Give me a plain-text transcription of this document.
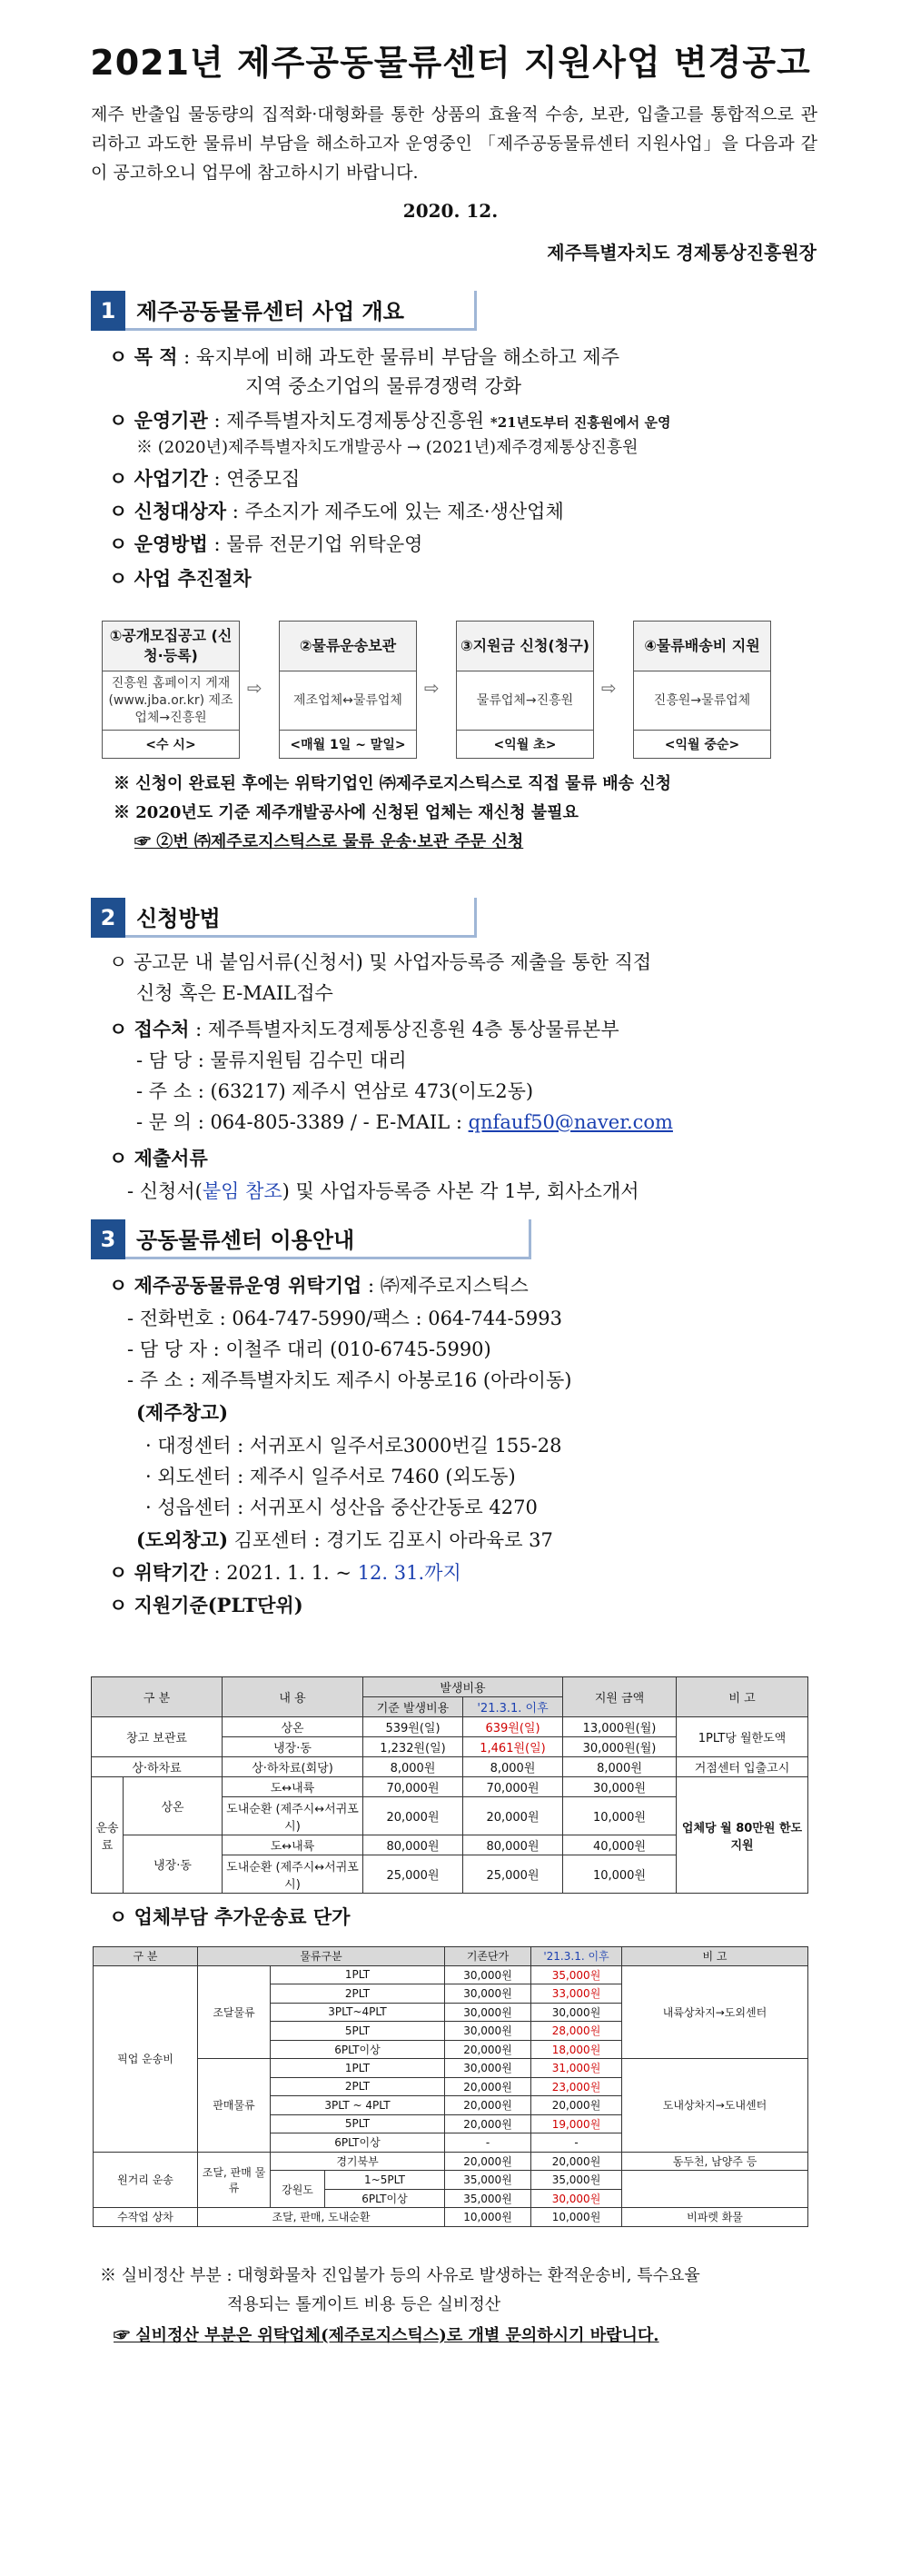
2021년 제주공동물류센터 지원사업 변경공고
제주 반출입 물동량의 집적화·대형화를 통한 상품의 효율적 수송, 보관, 입출고를 통합적으로 관리하고 과도한 물류비 부담을 해소하고자 운영중인 「제주공동물류센터 지원사업」을 다음과 같이 공고하오니 업무에 참고하시기 바랍니다.
2020. 12.
제주특별자치도 경제통상진흥원장
1 제주공동물류센터 사업 개요
ㅇ 목 적 : 육지부에 비해 과도한 물류비 부담을 해소하고 제주
지역 중소기업의 물류경쟁력 강화
ㅇ 운영기관 : 제주특별자치도경제통상진흥원 *21년도부터 진흥원에서 운영
※ (2020년)제주특별자치도개발공사 → (2021년)제주경제통상진흥원
ㅇ 사업기간 : 연중모집
ㅇ 신청대상자 : 주소지가 제주도에 있는 제조·생산업체
ㅇ 운영방법 : 물류 전문기업 위탁운영
ㅇ 사업 추진절차
①공개모집공고 (신청·등록)
진흥원 홈페이지 게재(www.jba.or.kr) 제조업체→진흥원
<수 시>
⇨
②물류운송보관
제조업체↔물류업체
<매월 1일 ~ 말일>
⇨
③지원금 신청(청구)
물류업체→진흥원
<익월 초>
⇨
④물류배송비 지원
진흥원→물류업체
<익월 중순>
※ 신청이 완료된 후에는 위탁기업인 ㈜제주로지스틱스로 직접 물류 배송 신청
※ 2020년도 기준 제주개발공사에 신청된 업체는 재신청 불필요
☞ ②번 ㈜제주로지스틱스로 물류 운송·보관 주문 신청
2 신청방법
ㅇ 공고문 내 붙임서류(신청서) 및 사업자등록증 제출을 통한 직접
신청 혹은 E-MAIL접수
ㅇ 접수처 : 제주특별자치도경제통상진흥원 4층 통상물류본부
- 담 당 : 물류지원팀 김수민 대리
- 주 소 : (63217) 제주시 연삼로 473(이도2동)
- 문 의 : 064-805-3389 / - E-MAIL : qnfauf50@naver.com
ㅇ 제출서류
- 신청서(붙임 참조) 및 사업자등록증 사본 각 1부, 회사소개서
3 공동물류센터 이용안내
ㅇ 제주공동물류운영 위탁기업 : ㈜제주로지스틱스
- 전화번호 : 064-747-5990/팩스 : 064-744-5993
- 담 당 자 : 이철주 대리 (010-6745-5990)
- 주 소 : 제주특별자치도 제주시 아봉로16 (아라이동)
(제주창고)
· 대정센터 : 서귀포시 일주서로3000번길 155-28
· 외도센터 : 제주시 일주서로 7460 (외도동)
· 성읍센터 : 서귀포시 성산읍 중산간동로 4270
(도외창고) 김포센터 : 경기도 김포시 아라육로 37
ㅇ 위탁기간 : 2021. 1. 1. ~ 12. 31.까지
ㅇ 지원기준(PLT단위)
구 분		내 용	발생비용		지원 금액	비 고
			기준 발생비용	'21.3.1. 이후		
창고 보관료		상온	539원(일)	639원(일)	13,000원(월)	1PLT당 월한도액
		냉장·동	1,232원(일)	1,461원(일)	30,000원(월)	
상·하차료		상·하차료(회당)	8,000원	8,000원	8,000원	거점센터 입출고시
운송료	상온	도↔내륙	70,000원	70,000원	30,000원	업체당 월 80만원 한도지원
		도내순환 (제주시↔서귀포시)	20,000원	20,000원	10,000원	
	냉장·동	도↔내륙	80,000원	80,000원	40,000원	
		도내순환 (제주시↔서귀포시)	25,000원	25,000원	10,000원	
ㅇ 업체부담 추가운송료 단가
구 분	물류구분			기존단가	'21.3.1. 이후	비 고
픽업 운송비	조달물류	1PLT		30,000원	35,000원	내륙상차지→도외센터
		2PLT		30,000원	33,000원	
		3PLT~4PLT		30,000원	30,000원	
		5PLT		30,000원	28,000원	
		6PLT이상		20,000원	18,000원	
	판매물류	1PLT		30,000원	31,000원	도내상차지→도내센터
		2PLT		20,000원	23,000원	
		3PLT ~ 4PLT		20,000원	20,000원	
		5PLT		20,000원	19,000원	
		6PLT이상		-	-	
원거리 운송	조달, 판매 물류	경기북부		20,000원	20,000원	동두천, 남양주 등
		강원도	1~5PLT	35,000원	35,000원	
			6PLT이상	35,000원	30,000원	
수작업 상차	조달, 판매, 도내순환			10,000원	10,000원	비파렛 화물
※ 실비정산 부분 : 대형화물차 진입불가 등의 사유로 발생하는 환적운송비, 특수요율
적용되는 톨게이트 비용 등은 실비정산
☞ 실비정산 부분은 위탁업체(제주로지스틱스)로 개별 문의하시기 바랍니다.
